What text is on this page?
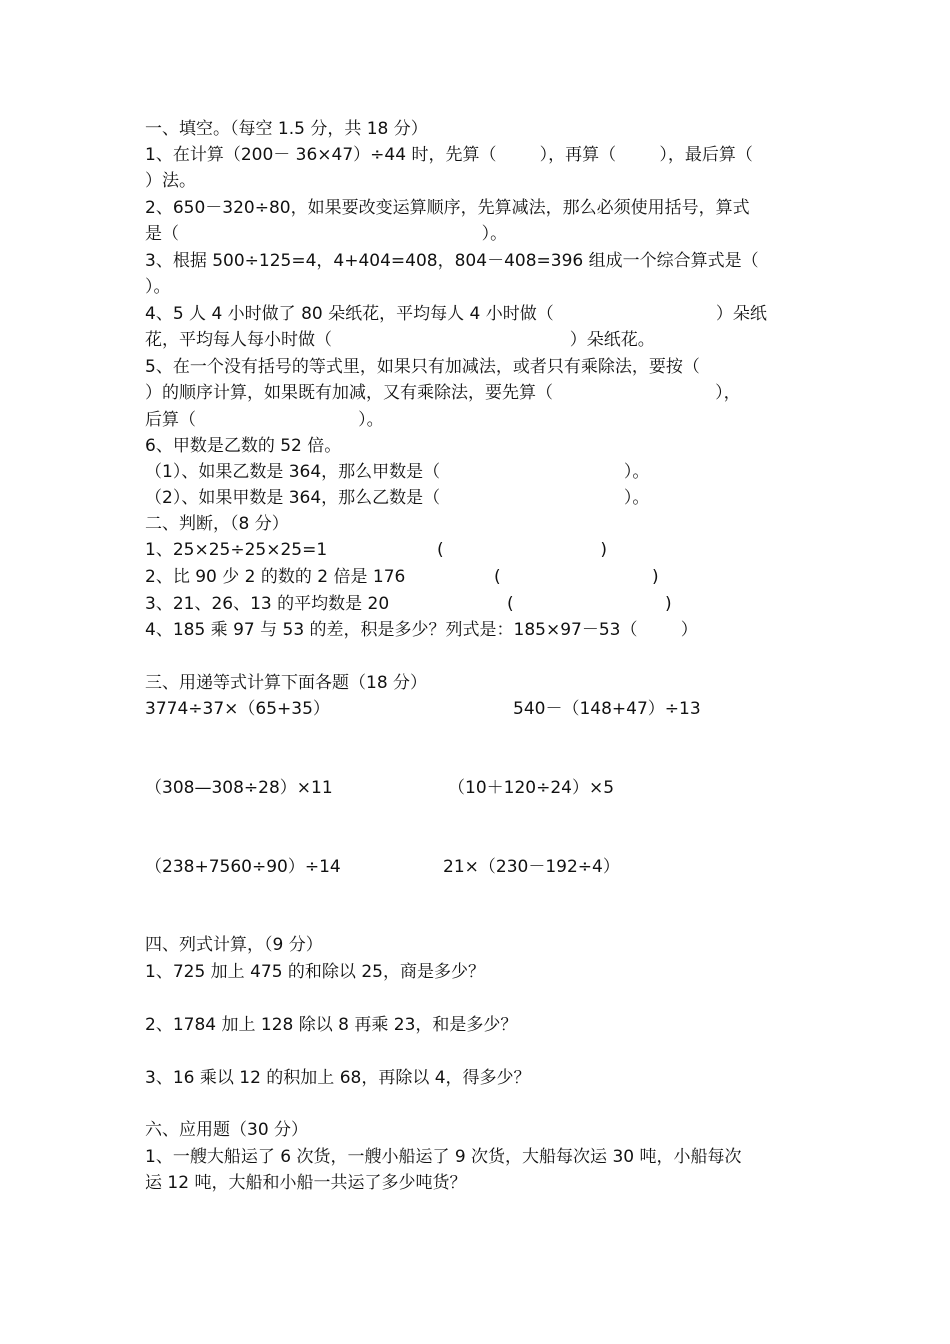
一、填空。（每空 1.5 分，共 18 分）
1、在计算（200－ 36×47）÷44 时，先算（        ），再算（        ），最后算（
）法。
2、650－320÷80，如果要改变运算顺序，先算减法，那么必须使用括号，算式
是（                                                        ）。
3、根据 500÷125=4，4+404=408，804－408=396 组成一个综合算式是（
）。
4、5 人 4 小时做了 80 朵纸花，平均每人 4 小时做（                              ）朵纸
花，平均每人每小时做（                                            ）朵纸花。
5、在一个没有括号的等式里，如果只有加减法，或者只有乘除法，要按（
）的顺序计算，如果既有加减，又有乘除法，要先算（                              ），
后算（                              ）。
6、甲数是乙数的 52 倍。
（1）、如果乙数是 364，那么甲数是（                                  ）。
（2）、如果甲数是 364，那么乙数是（                                  ）。
二、判断，（8 分）
1、25×25÷25×25=1	(                             )
2、比 90 少 2 的数的 2 倍是 176	(                            )
3、21、26、13 的平均数是 20	(                            )
4、185 乘 97 与 53 的差，积是多少？列式是：185×97－53（        ）
三、用递等式计算下面各题（18 分）
3774÷37×（65+35）	540－（148+47）÷13
（308—308÷28）×11	（10＋120÷24）×5
（238+7560÷90）÷14	21×（230－192÷4）
四、列式计算，（9 分）
1、725 加上 475 的和除以 25，商是多少？
2、1784 加上 128 除以 8 再乘 23，和是多少？
3、16 乘以 12 的积加上 68，再除以 4，得多少？
六、应用题（30 分）
1、一艘大船运了 6 次货，一艘小船运了 9 次货，大船每次运 30 吨，小船每次
运 12 吨，大船和小船一共运了多少吨货？
